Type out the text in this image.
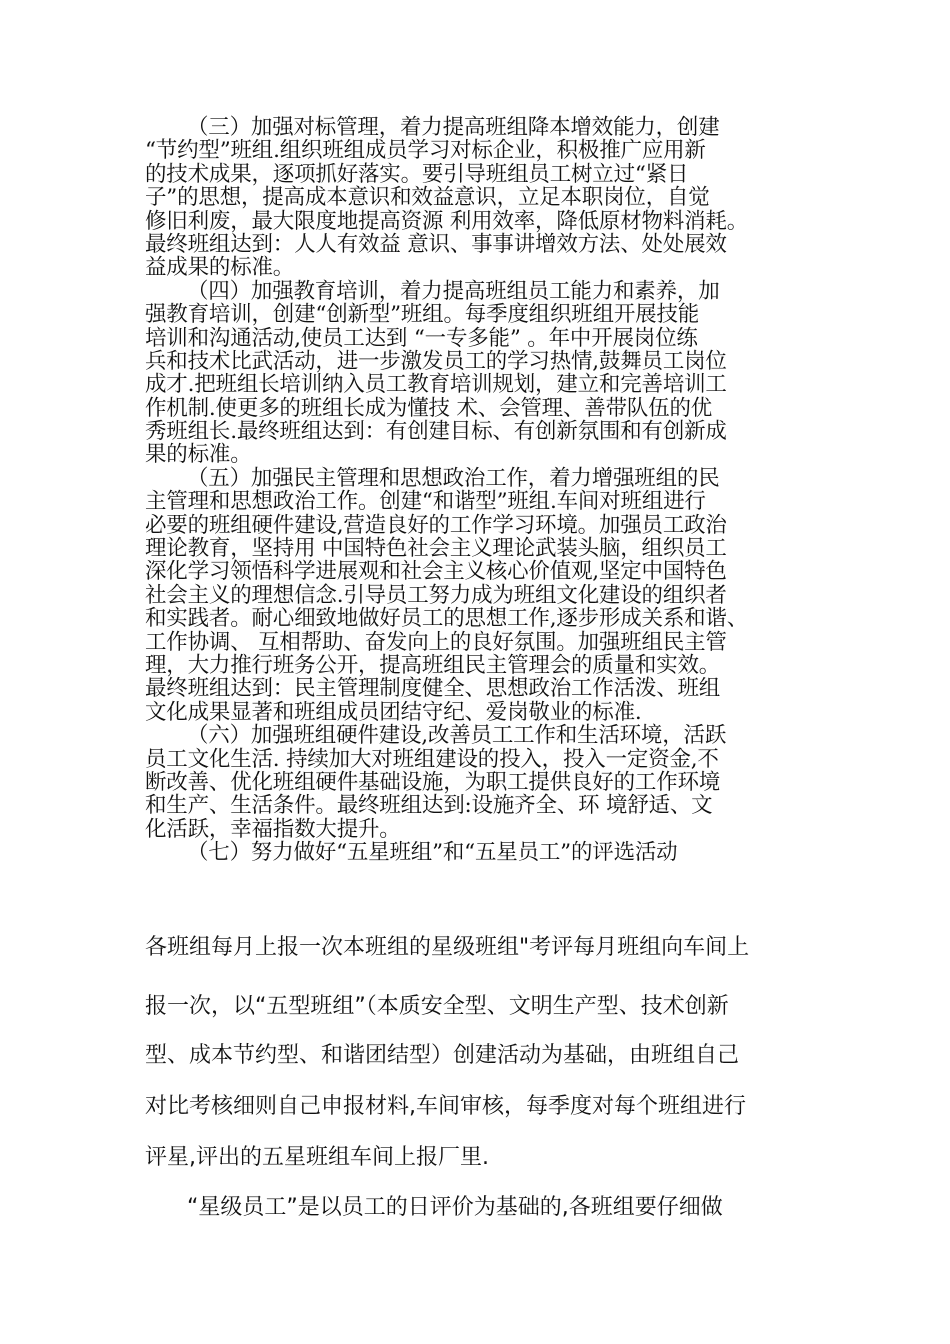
（三）加强对标管理，着力提高班组降本增效能力，创建
“节约型”班组.组织班组成员学习对标企业，积极推广应用新
的技术成果，逐项抓好落实。要引导班组员工树立过“紧日
子”的思想，提高成本意识和效益意识，立足本职岗位，自觉
修旧利废，最大限度地提高资源 利用效率，降低原材物料消耗。
最终班组达到：人人有效益 意识、事事讲增效方法、处处展效
益成果的标准。
（四）加强教育培训，着力提高班组员工能力和素养，加
强教育培训，创建“创新型”班组。每季度组织班组开展技能
培训和沟通活动,使员工达到 “一专多能” 。年中开展岗位练
兵和技术比武活动，进一步激发员工的学习热情,鼓舞员工岗位
成才.把班组长培训纳入员工教育培训规划，建立和完善培训工
作机制.使更多的班组长成为懂技 术、会管理、善带队伍的优
秀班组长.最终班组达到：有创建目标、有创新氛围和有创新成
果的标准。
（五）加强民主管理和思想政治工作，着力增强班组的民
主管理和思想政治工作。创建“和谐型”班组.车间对班组进行
必要的班组硬件建设,营造良好的工作学习环境。加强员工政治
理论教育，坚持用 中国特色社会主义理论武装头脑，组织员工
深化学习领悟科学进展观和社会主义核心价值观,坚定中国特色
社会主义的理想信念.引导员工努力成为班组文化建设的组织者
和实践者。耐心细致地做好员工的思想工作,逐步形成关系和谐、
工作协调、 互相帮助、奋发向上的良好氛围。加强班组民主管
理，大力推行班务公开，提高班组民主管理会的质量和实效。
最终班组达到：民主管理制度健全、思想政治工作活泼、班组
文化成果显著和班组成员团结守纪、爱岗敬业的标准.
（六）加强班组硬件建设,改善员工工作和生活环境，活跃
员工文化生活. 持续加大对班组建设的投入，投入一定资金,不
断改善、优化班组硬件基础设施，为职工提供良好的工作环境
和生产、生活条件。最终班组达到:设施齐全、环 境舒适、文
化活跃，幸福指数大提升。
（七）努力做好“五星班组”和“五星员工”的评选活动
各班组每月上报一次本班组的星级班组"考评每月班组向车间上
报一次，以“五型班组”（本质安全型、文明生产型、技术创新
型、成本节约型、和谐团结型）创建活动为基础，由班组自己
对比考核细则自己申报材料,车间审核，每季度对每个班组进行
评星,评出的五星班组车间上报厂里.
“星级员工”是以员工的日评价为基础的,各班组要仔细做
